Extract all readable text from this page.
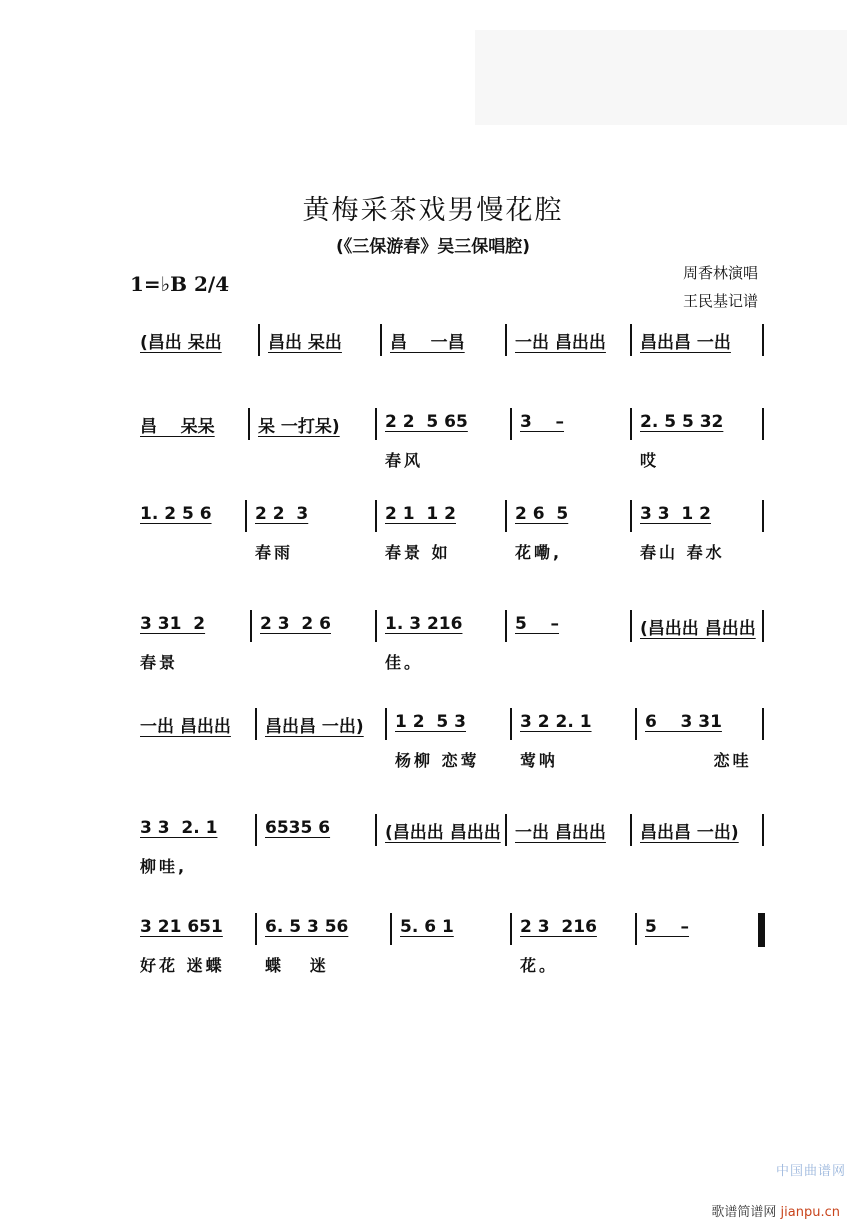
黄梅采茶戏男慢花腔
(《三保游春》吴三保唱腔)
1=♭B 2/4	周香林演唱
王民基记谱
(昌出 呆出	昌出 呆出	昌    一昌	一出 昌出出 昌出昌 一出
昌    呆呆	呆 一打呆)	2 2  5 65
春风
3    –	2. 5 5 32
哎
1. 2 5 6	2 2  3
春雨
2 1  1 2
春景 如
2 6  5
花嘞,
3 3  1 2
春山 春水
3 31  2
春景
2 3  2 6	1. 3 216
佳。
5    –	(昌出出 昌出出
一出 昌出出 昌出昌 一出) 1 2  5 3
杨柳 恋莺
3 2 2. 1
莺呐
6    3 31
恋哇
3 3  2. 1
柳哇,
6535 6	(昌出出 昌出出 一出 昌出出 昌出昌 一出)
3 21 651
好花 迷蝶
6. 5 3 56
蝶   迷
5. 6 1	2 3  216
花。
5    –
中国曲谱网
歌谱简谱网 jianpu.cn
